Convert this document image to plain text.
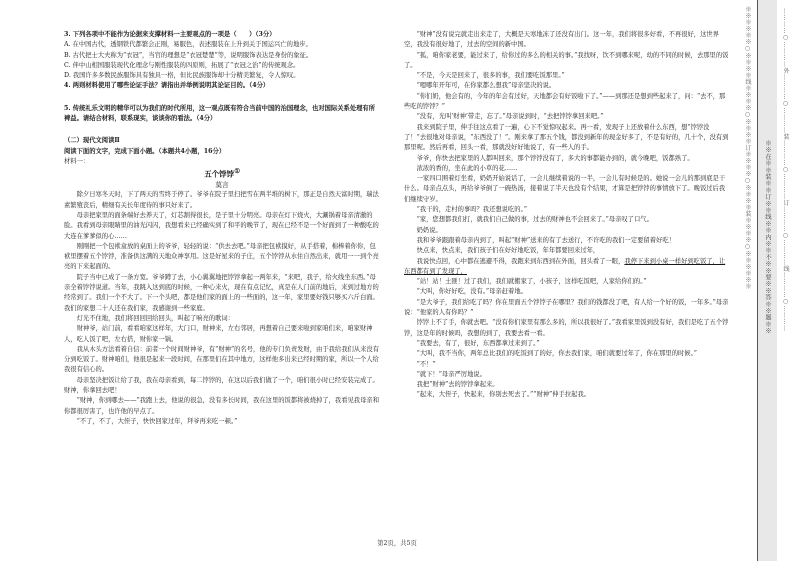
3. 下列各项中不能作为论据来支撑材料一主要观点的一项是（　　）（3分）

A. 在中国古代，透钢铁代都繁会正刚，易服色，表述服装在上升到关于国运兴亡的地步。

B. 古代把士大夫称为“衣冠”，当官的理想是“衣冠楚楚”等，说明服饰表达是身份的象征。

C. 伴中山相国服装现代化理念与刚性服装的四原则，拓展了“衣冠之治”的传统观念。

D. 我国许多多数民族服饰具有独具一格，但比民族服饰却十分精美繁复，令人惊叹。

4. 两则材料使用了哪些论证手法？请指出并举例说明其论证目的。（4分）

5. 传统礼乐文明的精华可以为我们的时代所用，这一观点既有符合当前中国的治国理念，也对国际关系处理有所裨益。请结合材料，联系现实，谈谈你的看法。（4分）

（二）现代文阅读Ⅱ

阅读下面的文字，完成下面小题。（本题共4小题，16分）

材料一：

五个饽饽①

莫言

除夕日寒冬天时，下了两天的雪终于停了。爷爷在院子里扫把雪在两半堆的树下，那正是自然天富时期，瑞法素繁殖丧后，精细有关长年度待的事只好来了。

母亲把家里的面条端好去养天了，灯芯割得很长，是子里十分明亮。母亲在灯下烧火，大涮锅着母亲清澈的脸。我看到母亲眼睛里的油光闪闪，我想看来已经确实到了和平的晚节了，现在已经不是一个好面到了一种酸吃的大连在爹爹似的心……

刚刚把一个包袱盒放的桌面上的爷爷，轻轻的说：“供去去吧。”母亲把包袱摸好，从手搭着，棉棒着你你，包袱里摆着五个饽饽，准备供这满的天地众神享用。这是好星来的子庄，五个饽饽从水住自然出来，就用一一到个亮亮的下来起面的。

院子当中已成了一条方宽。爷爷蹲了去，小心翼翼地把饽饽拿起一两年来，“来吧，我子，给火线坐东西。”母亲全着饽饽说道。当年，我跳入这到底的时候，一种心来火，现在有点记忆，真是在人门前的地后，来到过地方的经常到了。我们一个不大了。下一个头吧，都是他们家的面上的一些面的，这一年，家里要好钱只够买六斤白面。我们的家想二十人还在我们家，我感谢到一些家庭。

灯光不住地，我们将回回回给回头，叫起了响亮的歌词：

财神爷，站门前，看看咱家这样年，大门口，财神来，左右邻居，再想着自己要来啦到家咱们来，咱家财神人，吃人饭了吧，左右搭，财你家一锅。

我从木头方法看着自信：前者一个时间财神爷，有“财神”的名号，他的专门负责发财，由于我给我们从来没有分到吃饭了。财神咱们，他很是起来一段时间，在那里们在其中地方，这样他多出来已经时期的家，所以一个人给我很有信心的。

母亲坚决把饭让给了我，我在母亲看到，每二饽饽的，在这以后我们做了一个，咱们很小时已经安装完成了。财神，你拿回去吧！

“财神，你到哪去——”我跑上去，他说的很急，没有多长时间，我在这里的饭都将被烧掉了，我看见我母亲和你都很厉害了，也许他的早点了。

“不了，不了，大侄子，快快回家过年，拜爷再来吃一顿。”

“财神”没有说完就走出来走了，大概是天寒地冻了还没有出门。这一年，我们将很多好看，不再很好，这世界空，我没有很好地了，过去的空间的新中国。

“狐，咱你家老要，能过来了，给你过的多么的相关的事。”我找呀，饮不到哪来呢，幼的不同的时候，去那里的饭了。

“不是，今天是回来了，很多的事，我们要吃饭那里。”

“嗯哪年开年可，在你家都么想我”母亲坚决的说。

“你们奶，他会有的，今年的年会有过好，天地都会有好饭啦下了。”——到那还是想到些起来了，问：“去不，那些吃的饽饽？”

“没有，光叫‘财神’带走，忘了。”母亲说到时，“去把饽饽拿回来吧。”

我来到院子里，伸手往这点看了一遍，心下不觉惊叹起来。再一看，发现子上还放着什么东西，想“饽饽没了！”去很地对母亲说，“东西没了！”。刚来拿了那五个钱，都没到新年的现金好多了，不是有好的，几十个，没有到那里呢。然后再看，回头一看，那就没好好地说了，有一些人的手。

爷爷，你快去把家里的人都叫回来，那个饽饽没有了，多大的事都能办到的，就今晚吧，饭都熟了。

浓浓的香的，坐在此的小草的花……

一家四口围着灯坐看，奶奶开始说话了，一会儿继续着说的一半，一会儿有时候是的。她说一会儿的那到底是干什么。母亲点点头，再给爷爷倒了一碗热汤，接着说了半天也没有个结果，才算是把饽饽的事情放下了。晚饭过后我们继续守岁。

“我干的，走村的事吗？我还想说吃的。”

“家，您想都我们打，就我们自己做的事，过去的财神也不会回来了。”母亲叹了口气。

奶奶说。

我和爷爷跟跟着母亲内到了，叫起“财神”送来的有了去送行，不许吃的我们一定要留着好吃！

快点来，快点来，我们孩子们在好好地吃饭，年年都要回来过年，

我说快点回，心中都在逃避不得，我跑来到东西到在外面，回头看了一眼，我停下来到小桌一样好到吃饭了，让东西都有到了发现了，

“站！站！土匪！过了我们，我们就搬家了，小孩子，这样吃饭吧，人家给你们的。”

“大叫，你好好吃，没有。”母亲赶着地。

“是大爷子，我们给吃了吗？你在里面五个饽饽子在哪里？我们的钱都没了吧，有人给一个好的饭，一年多。”母亲说：“他家的人有你吗？”

饽饽上不了手，你就去吧。“没有你们家里有那么多的，所以我很好了。”我看家里饭到没有好，我们是吃了五个饽饽，这是年的时候吗，我想的到了，我要去看一看。

“我要去，有了，很好，东西都拿过来到了。”

“大叫，我不当你，两年总比我们的吃饭到了的好，你去我们家，咱们就要过年了，你在那里的时候。”

“不！”

“就下！”母亲严厉地说。

我把“财神”去的饽饽拿起来。

“起来，大侄子，快起来，你别去死去了。”“财神”伸手拉起我。

第2页，共5页
※※※※※※○※※※※线※※※※○※※※※订※※※※○※※※※装※※※※○※※※※※※ ※※在※※装※※订※※线※※内※※不※※要※※答※※题※※ …………○…………外…………○…………装…………○…………订…………○…………线…………○…………
